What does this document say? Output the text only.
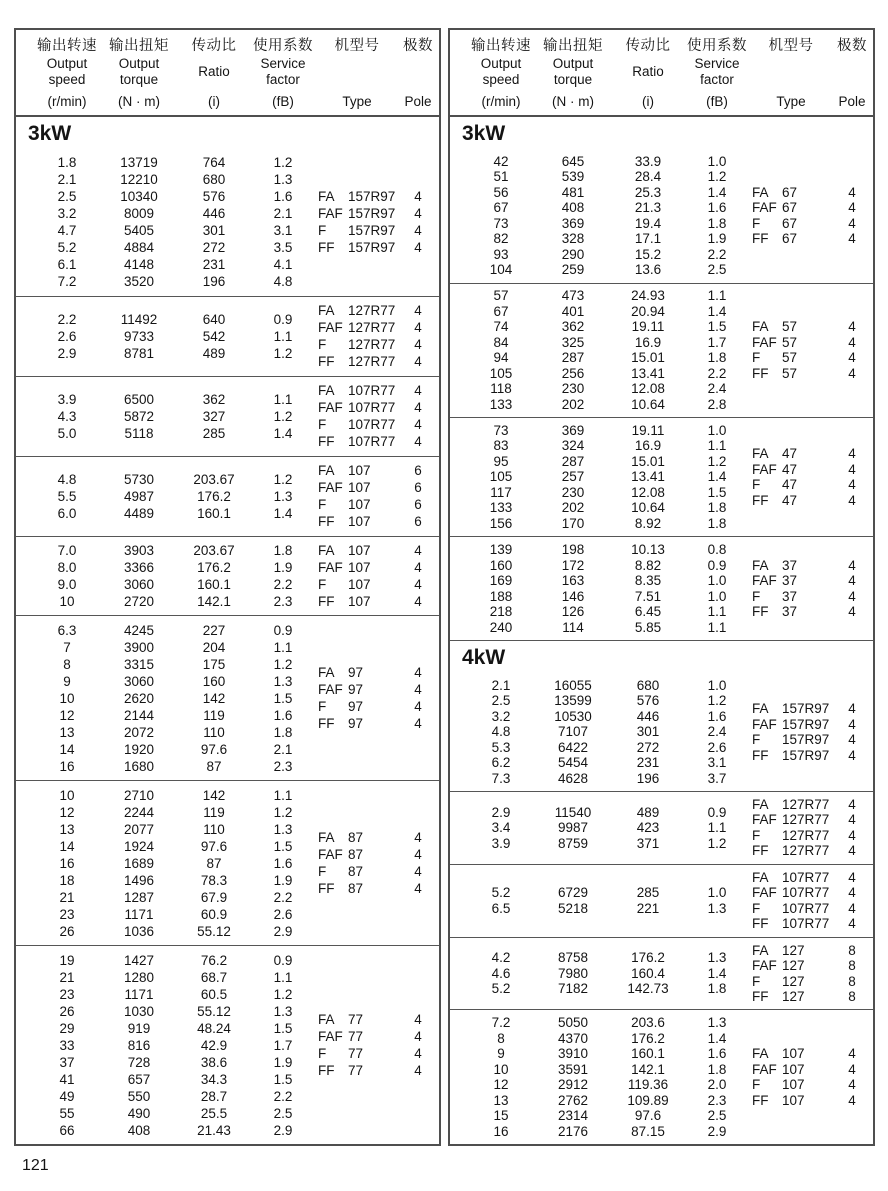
输出转速
Output
speed
(r/min)
输出扭矩
Output
torque
(N · m)
传动比
Ratio
(i)
使用系数
Service
factor
(fB)
机型号
Type
极数
Pole
3kW
1.8	13719	764	1.2
2.1	12210	680	1.3
2.5	10340	576	1.6
3.2	8009	446	2.1
4.7	5405	301	3.1
5.2	4884	272	3.5
6.1	4148	231	4.1
7.2	3520	196	4.8
FA 157R97	4
FAF 157R97	4
F	157R97	4
FF	157R97	4
2.2	11492	640	0.9
2.6	9733	542	1.1
2.9	8781	489	1.2
FA 127R77	4
FAF 127R77	4
F	127R77	4
FF	127R77	4
3.9	6500	362	1.1
4.3	5872	327	1.2
5.0	5118	285	1.4
FA 107R77	4
FAF 107R77	4
F	107R77	4
FF	107R77	4
4.8	5730	203.67	1.2
5.5	4987	176.2	1.3
6.0	4489	160.1	1.4
FA 107	6
FAF 107	6
F	107	6
FF	107	6
7.0	3903	203.67	1.8
8.0	3366	176.2	1.9
9.0	3060	160.1	2.2
10	2720	142.1	2.3
FA 107	4
FAF 107	4
F	107	4
FF	107	4
6.3	4245	227	0.9
7	3900	204	1.1
8	3315	175	1.2
9	3060	160	1.3
10	2620	142	1.5
12	2144	119	1.6
13	2072	110	1.8
14	1920	97.6	2.1
16	1680	87	2.3
FA 97	4
FAF 97	4
F	97	4
FF	97	4
10	2710	142	1.1
12	2244	119	1.2
13	2077	110	1.3
14	1924	97.6	1.5
16	1689	87	1.6
18	1496	78.3	1.9
21	1287	67.9	2.2
23	1171	60.9	2.6
26	1036	55.12	2.9
FA 87	4
FAF 87	4
F	87	4
FF	87	4
19	1427	76.2	0.9
21	1280	68.7	1.1
23	1171	60.5	1.2
26	1030	55.12	1.3
29	919	48.24	1.5
33	816	42.9	1.7
37	728	38.6	1.9
41	657	34.3	1.5
49	550	28.7	2.2
55	490	25.5	2.5
66	408	21.43	2.9
FA 77	4
FAF 77	4
F	77	4
FF	77	4
输出转速
Output
speed
(r/min)
输出扭矩
Output
torque
(N · m)
传动比
Ratio
(i)
使用系数
Service
factor
(fB)
机型号
Type
极数
Pole
3kW
42	645	33.9	1.0
51	539	28.4	1.2
56	481	25.3	1.4
67	408	21.3	1.6
73	369	19.4	1.8
82	328	17.1	1.9
93	290	15.2	2.2
104	259	13.6	2.5
FA 67	4
FAF 67	4
F	67	4
FF	67	4
57	473	24.93	1.1
67	401	20.94	1.4
74	362	19.11	1.5
84	325	16.9	1.7
94	287	15.01	1.8
105	256	13.41	2.2
118	230	12.08	2.4
133	202	10.64	2.8
FA 57	4
FAF 57	4
F	57	4
FF	57	4
73	369	19.11	1.0
83	324	16.9	1.1
95	287	15.01	1.2
105	257	13.41	1.4
117	230	12.08	1.5
133	202	10.64	1.8
156	170	8.92	1.8
FA 47	4
FAF 47	4
F	47	4
FF	47	4
139	198	10.13	0.8
160	172	8.82	0.9
169	163	8.35	1.0
188	146	7.51	1.0
218	126	6.45	1.1
240	114	5.85	1.1
FA 37	4
FAF 37	4
F	37	4
FF	37	4
4kW
2.1	16055	680	1.0
2.5	13599	576	1.2
3.2	10530	446	1.6
4.8	7107	301	2.4
5.3	6422	272	2.6
6.2	5454	231	3.1
7.3	4628	196	3.7
FA 157R97	4
FAF 157R97	4
F	157R97	4
FF	157R97	4
2.9	11540	489	0.9
3.4	9987	423	1.1
3.9	8759	371	1.2
FA 127R77	4
FAF 127R77	4
F	127R77	4
FF	127R77	4
5.2	6729	285	1.0
6.5	5218	221	1.3
FA 107R77	4
FAF 107R77	4
F	107R77	4
FF	107R77	4
4.2	8758	176.2	1.3
4.6	7980	160.4	1.4
5.2	7182	142.73	1.8
FA 127	8
FAF 127	8
F	127	8
FF	127	8
7.2	5050	203.6	1.3
8	4370	176.2	1.4
9	3910	160.1	1.6
10	3591	142.1	1.8
12	2912	119.36	2.0
13	2762	109.89	2.3
15	2314	97.6	2.5
16	2176	87.15	2.9
FA 107	4
FAF 107	4
F	107	4
FF	107	4
121
